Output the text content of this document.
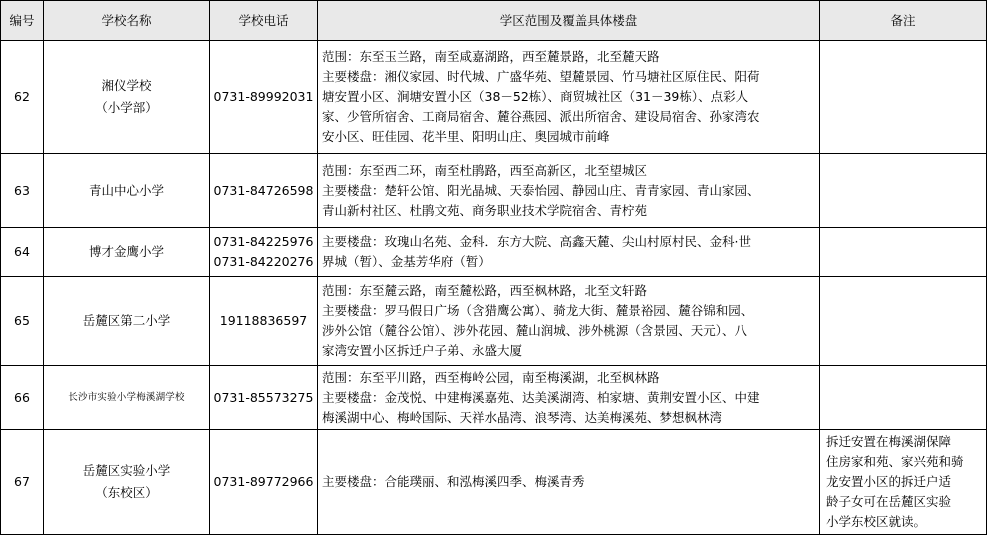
编号	学校名称	学校电话	学区范围及覆盖具体楼盘	备注
62	湘仪学校
（小学部）	0731-89992031	范围：东至玉兰路，南至咸嘉湖路，西至麓景路，北至麓天路
主要楼盘：湘仪家园、时代城、广盛华苑、望麓景园、竹马塘社区原住民、阳荷
塘安置小区、涧塘安置小区（38－52栋）、商贸城社区（31－39栋）、点彩人
家、少管所宿舍、工商局宿舍、麓谷燕园、派出所宿舍、建设局宿舍、孙家湾农
安小区、旺佳园、花半里、阳明山庄、奥园城市前峰	
63	青山中心小学	0731-84726598	范围：东至西二环，南至杜鹃路，西至高新区，北至望城区
主要楼盘：楚轩公馆、阳光晶城、天泰怡园、静园山庄、青青家园、青山家园、
青山新村社区、杜鹃文苑、商务职业技术学院宿舍、青柠苑	
64	博才金鹰小学	0731-84225976
0731-84220276	主要楼盘：玫瑰山名苑、金科．东方大院、高鑫天麓、尖山村原村民、金科·世
界城（暂）、金基芳华府（暂）	
65	岳麓区第二小学	19118836597	范围：东至麓云路，南至麓松路，西至枫林路，北至文轩路
主要楼盘：罗马假日广场（含猎鹰公寓）、骑龙大街、麓景裕园、麓谷锦和园、
涉外公馆（麓谷公馆）、涉外花园、麓山润城、涉外桃源（含景园、天元）、八
家湾安置小区拆迁户子弟、永盛大厦	
66	长沙市实验小学梅溪湖学校	0731-85573275	范围：东至平川路，西至梅岭公园，南至梅溪湖，北至枫林路
主要楼盘：金茂悦、中建梅溪嘉苑、达美溪湖湾、柏家塘、黄荆安置小区、中建
梅溪湖中心、梅岭国际、天祥水晶湾、浪琴湾、达美梅溪苑、梦想枫林湾	
67	岳麓区实验小学
（东校区）	0731-89772966	主要楼盘：合能璞丽、和泓梅溪四季、梅溪青秀	拆迁安置在梅溪湖保障
住房家和苑、家兴苑和骑
龙安置小区的拆迁户适
龄子女可在岳麓区实验
小学东校区就读。
